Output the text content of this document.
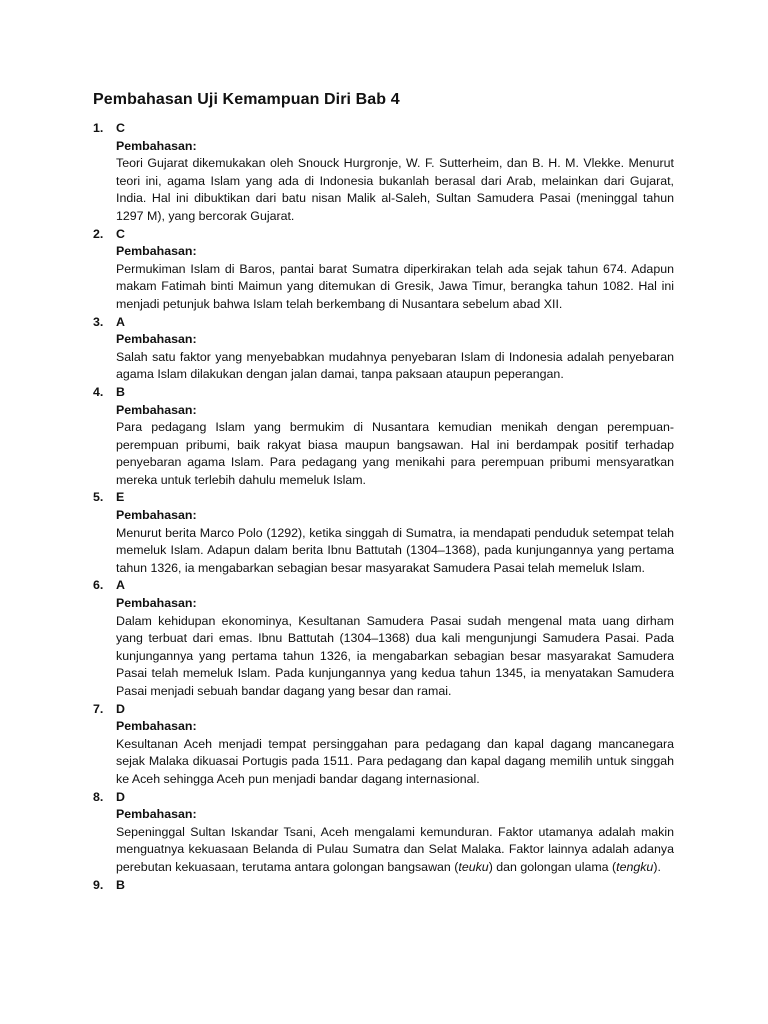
Pembahasan Uji Kemampuan Diri Bab 4
1. C
Pembahasan:
Teori Gujarat dikemukakan oleh Snouck Hurgronje, W. F. Sutterheim, dan B. H. M. Vlekke. Menurut teori ini, agama Islam yang ada di Indonesia bukanlah berasal dari Arab, melainkan dari Gujarat, India. Hal ini dibuktikan dari batu nisan Malik al-Saleh, Sultan Samudera Pasai (meninggal tahun 1297 M), yang bercorak Gujarat.
2. C
Pembahasan:
Permukiman Islam di Baros, pantai barat Sumatra diperkirakan telah ada sejak tahun 674. Adapun makam Fatimah binti Maimun yang ditemukan di Gresik, Jawa Timur, berangka tahun 1082. Hal ini menjadi petunjuk bahwa Islam telah berkembang di Nusantara sebelum abad XII.
3. A
Pembahasan:
Salah satu faktor yang menyebabkan mudahnya penyebaran Islam di Indonesia adalah penyebaran agama Islam dilakukan dengan jalan damai, tanpa paksaan ataupun peperangan.
4. B
Pembahasan:
Para pedagang Islam yang bermukim di Nusantara kemudian menikah dengan perempuan-perempuan pribumi, baik rakyat biasa maupun bangsawan. Hal ini berdampak positif terhadap penyebaran agama Islam. Para pedagang yang menikahi para perempuan pribumi mensyaratkan mereka untuk terlebih dahulu memeluk Islam.
5. E
Pembahasan:
Menurut berita Marco Polo (1292), ketika singgah di Sumatra, ia mendapati penduduk setempat telah memeluk Islam. Adapun dalam berita Ibnu Battutah (1304–1368), pada kunjungannya yang pertama tahun 1326, ia mengabarkan sebagian besar masyarakat Samudera Pasai telah memeluk Islam.
6. A
Pembahasan:
Dalam kehidupan ekonominya, Kesultanan Samudera Pasai sudah mengenal mata uang dirham yang terbuat dari emas. Ibnu Battutah (1304–1368) dua kali mengunjungi Samudera Pasai. Pada kunjungannya yang pertama tahun 1326, ia mengabarkan sebagian besar masyarakat Samudera Pasai telah memeluk Islam. Pada kunjungannya yang kedua tahun 1345, ia menyatakan Samudera Pasai menjadi sebuah bandar dagang yang besar dan ramai.
7. D
Pembahasan:
Kesultanan Aceh menjadi tempat persinggahan para pedagang dan kapal dagang mancanegara sejak Malaka dikuasai Portugis pada 1511. Para pedagang dan kapal dagang memilih untuk singgah ke Aceh sehingga Aceh pun menjadi bandar dagang internasional.
8. D
Pembahasan:
Sepeninggal Sultan Iskandar Tsani, Aceh mengalami kemunduran. Faktor utamanya adalah makin menguatnya kekuasaan Belanda di Pulau Sumatra dan Selat Malaka. Faktor lainnya adalah adanya perebutan kekuasaan, terutama antara golongan bangsawan (teuku) dan golongan ulama (tengku).
9. B
